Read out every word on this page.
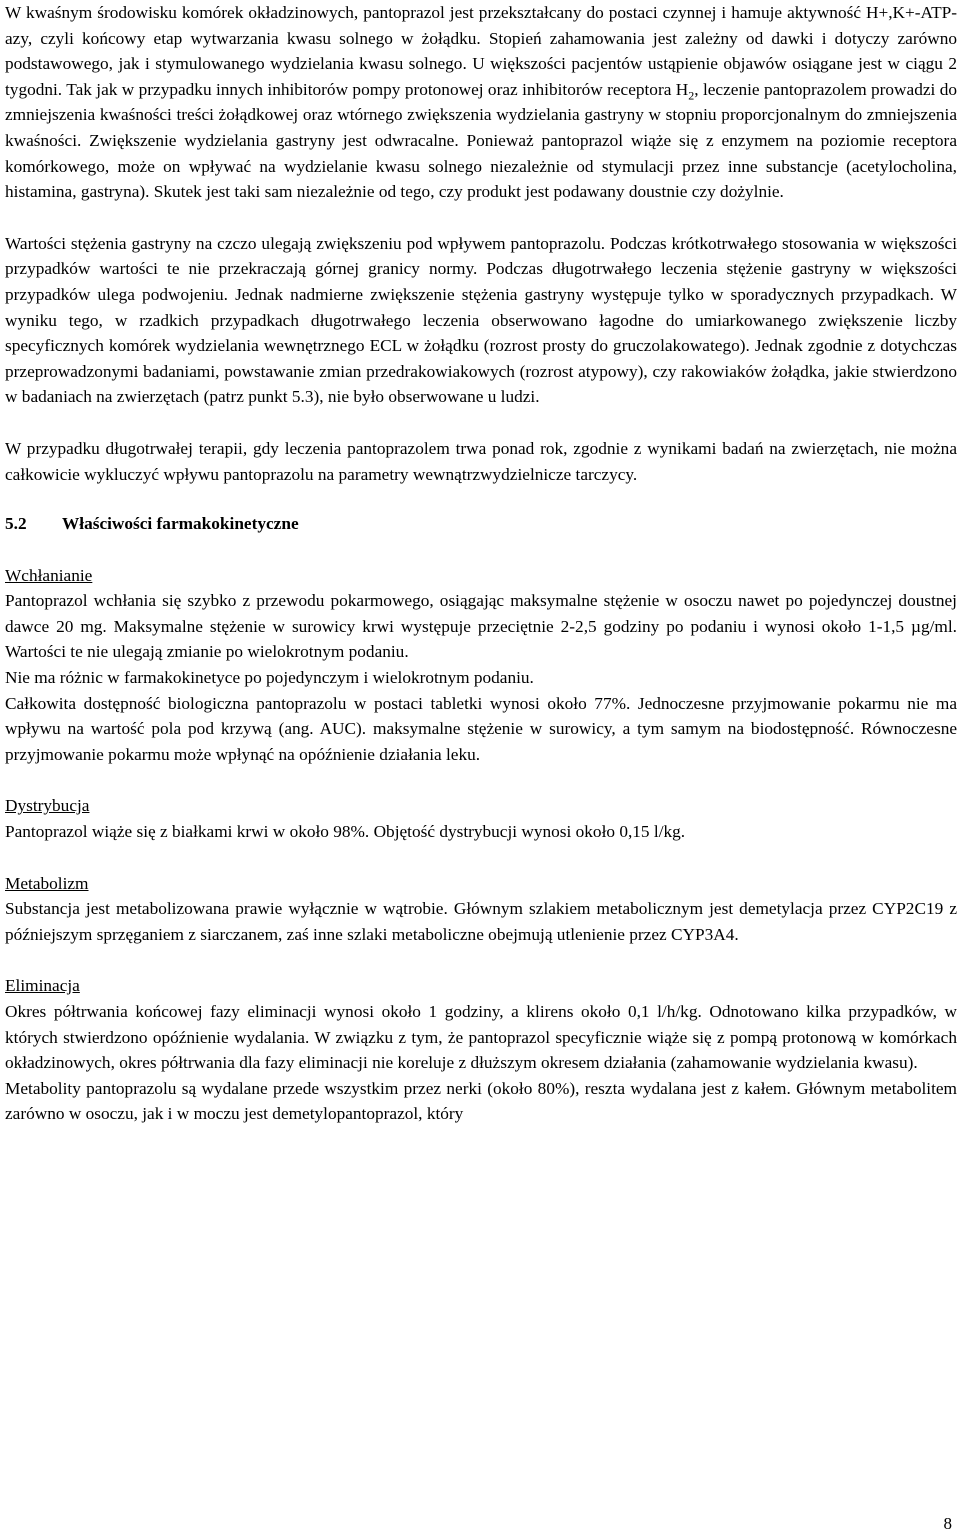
W kwaśnym środowisku komórek okładzinowych, pantoprazol jest przekształcany do postaci czynnej i hamuje aktywność H+,K+-ATP-azy, czyli końcowy etap wytwarzania kwasu solnego w żołądku. Stopień zahamowania jest zależny od dawki i dotyczy zarówno podstawowego, jak i stymulowanego wydzielania kwasu solnego. U większości pacjentów ustąpienie objawów osiągane jest w ciągu 2 tygodni. Tak jak w przypadku innych inhibitorów pompy protonowej oraz inhibitorów receptora $H_2$, leczenie pantoprazolem prowadzi do zmniejszenia kwaśności treści żołądkowej oraz wtórnego zwiększenia wydzielania gastryny w stopniu proporcjonalnym do zmniejszenia kwaśności. Zwiększenie wydzielania gastryny jest odwracalne. Ponieważ pantoprazol wiąże się z enzymem na poziomie receptora komórkowego, może on wpływać na wydzielanie kwasu solnego niezależnie od stymulacji przez inne substancje (acetylocholina, histamina, gastryna). Skutek jest taki sam niezależnie od tego, czy produkt jest podawany doustnie czy dożylnie.

Wartości stężenia gastryny na czczo ulegają zwiększeniu pod wpływem pantoprazolu. Podczas krótkotrwałego stosowania w większości przypadków wartości te nie przekraczają górnej granicy normy. Podczas długotrwałego leczenia stężenie gastryny w większości przypadków ulega podwojeniu. Jednak nadmierne zwiększenie stężenia gastryny występuje tylko w sporadycznych przypadkach. W wyniku tego, w rzadkich przypadkach długotrwałego leczenia obserwowano łagodne do umiarkowanego zwiększenie liczby specyficznych komórek wydzielania wewnętrznego ECL w żołądku (rozrost prosty do gruczolakowatego). Jednak zgodnie z dotychczas przeprowadzonymi badaniami, powstawanie zmian przedrakowiakowych (rozrost atypowy), czy rakowiaków żołądka, jakie stwierdzono w badaniach na zwierzętach (patrz punkt 5.3), nie było obserwowane u ludzi.

W przypadku długotrwałej terapii, gdy leczenia pantoprazolem trwa ponad rok, zgodnie z wynikami badań na zwierzętach, nie można całkowicie wykluczyć wpływu pantoprazolu na parametry wewnątrzwydzielnicze tarczycy.

5.2 Właściwości farmakokinetyczne

Wchłanianie

Pantoprazol wchłania się szybko z przewodu pokarmowego, osiągając maksymalne stężenie w osoczu nawet po pojedynczej doustnej dawce 20 mg. Maksymalne stężenie w surowicy krwi występuje przeciętnie 2-2,5 godziny po podaniu i wynosi około 1-1,5 µg/ml. Wartości te nie ulegają zmianie po wielokrotnym podaniu.

Nie ma różnic w farmakokinetyce po pojedynczym i wielokrotnym podaniu.

Całkowita dostępność biologiczna pantoprazolu w postaci tabletki wynosi około 77%. Jednoczesne przyjmowanie pokarmu nie ma wpływu na wartość pola pod krzywą (ang. AUC). maksymalne stężenie w surowicy, a tym samym na biodostępność. Równoczesne przyjmowanie pokarmu może wpłynąć na opóźnienie działania leku.

Dystrybucja

Pantoprazol wiąże się z białkami krwi w około 98%. Objętość dystrybucji wynosi około 0,15 l/kg.

Metabolizm

Substancja jest metabolizowana prawie wyłącznie w wątrobie. Głównym szlakiem metabolicznym jest demetylacja przez CYP2C19 z późniejszym sprzęganiem z siarczanem, zaś inne szlaki metaboliczne obejmują utlenienie przez CYP3A4.

Eliminacja

Okres półtrwania końcowej fazy eliminacji wynosi około 1 godziny, a klirens około 0,1 l/h/kg. Odnotowano kilka przypadków, w których stwierdzono opóźnienie wydalania. W związku z tym, że pantoprazol specyficznie wiąże się z pompą protonową w komórkach okładzinowych, okres półtrwania dla fazy eliminacji nie koreluje z dłuższym okresem działania (zahamowanie wydzielania kwasu).

Metabolity pantoprazolu są wydalane przede wszystkim przez nerki (około 80%), reszta wydalana jest z kałem. Głównym metabolitem zarówno w osoczu, jak i w moczu jest demetylopantoprazol, który

8
